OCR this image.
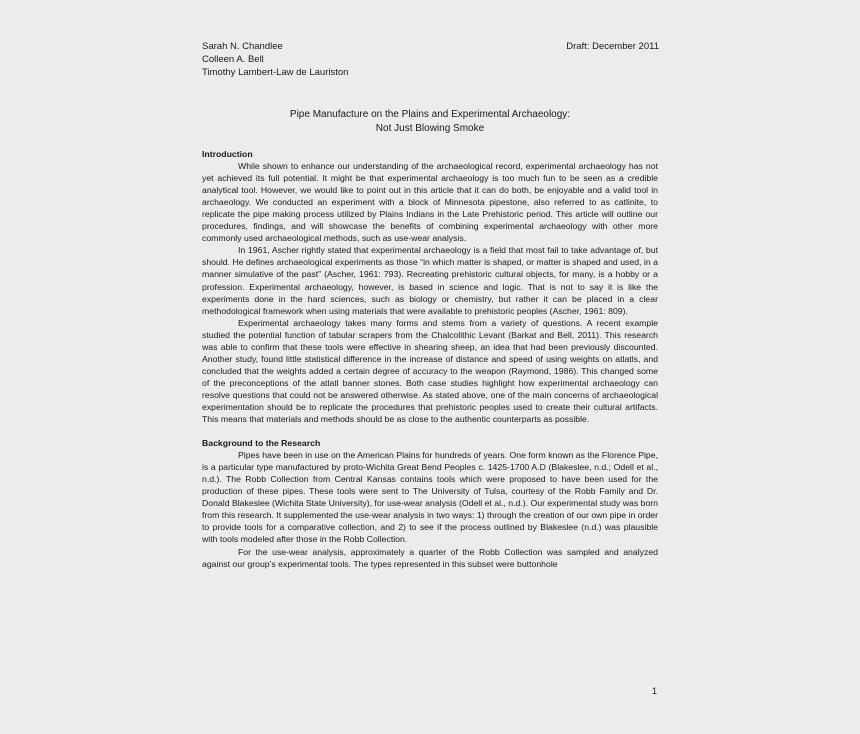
Sarah N. Chandlee
Colleen A. Bell
Timothy Lambert-Law de Lauriston
Draft: December 2011
Pipe Manufacture on the Plains and Experimental Archaeology:
Not Just Blowing Smoke

Introduction

While shown to enhance our understanding of the archaeological record, experimental archaeology has not yet achieved its full potential. It might be that experimental archaeology is too much fun to be seen as a credible analytical tool. However, we would like to point out in this article that it can do both, be enjoyable and a valid tool in archaeology. We conducted an experiment with a block of Minnesota pipestone, also referred to as catlinite, to replicate the pipe making process utilized by Plains Indians in the Late Prehistoric period. This article will outline our procedures, findings, and will showcase the benefits of combining experimental archaeology with other more commonly used archaeological methods, such as use-wear analysis.

In 1961, Ascher rightly stated that experimental archaeology is a field that most fail to take advantage of, but should. He defines archaeological experiments as those “in which matter is shaped, or matter is shaped and used, in a manner simulative of the past” (Ascher, 1961: 793). Recreating prehistoric cultural objects, for many, is a hobby or a profession. Experimental archaeology, however, is based in science and logic. That is not to say it is like the experiments done in the hard sciences, such as biology or chemistry, but rather it can be placed in a clear methodological framework when using materials that were available to prehistoric peoples (Ascher, 1961: 809).

Experimental archaeology takes many forms and stems from a variety of questions. A recent example studied the potential function of tabular scrapers from the Chalcolithic Levant (Barkat and Bell, 2011). This research was able to confirm that these tools were effective in shearing sheep, an idea that had been previously discounted. Another study, found little statistical difference in the increase of distance and speed of using weights on atlatls, and concluded that the weights added a certain degree of accuracy to the weapon (Raymond, 1986). This changed some of the preconceptions of the atlatl banner stones. Both case studies highlight how experimental archaeology can resolve questions that could not be answered otherwise. As stated above, one of the main concerns of archaeological experimentation should be to replicate the procedures that prehistoric peoples used to create their cultural artifacts. This means that materials and methods should be as close to the authentic counterparts as possible.

Background to the Research

Pipes have been in use on the American Plains for hundreds of years. One form known as the Florence Pipe, is a particular type manufactured by proto-Wichita Great Bend Peoples c. 1425-1700 A.D (Blakeslee, n.d.; Odell et al., n.d.). The Robb Collection from Central Kansas contains tools which were proposed to have been used for the production of these pipes. These tools were sent to The University of Tulsa, courtesy of the Robb Family and Dr. Donald Blakeslee (Wichita State University), for use-wear analysis (Odell et al., n.d.). Our experimental study was born from this research. It supplemented the use-wear analysis in two ways: 1) through the creation of our own pipe in order to provide tools for a comparative collection, and 2) to see if the process outlined by Blakeslee (n.d.) was plausible with tools modeled after those in the Robb Collection.

For the use-wear analysis, approximately a quarter of the Robb Collection was sampled and analyzed against our group’s experimental tools. The types represented in this subset were buttonhole

1
